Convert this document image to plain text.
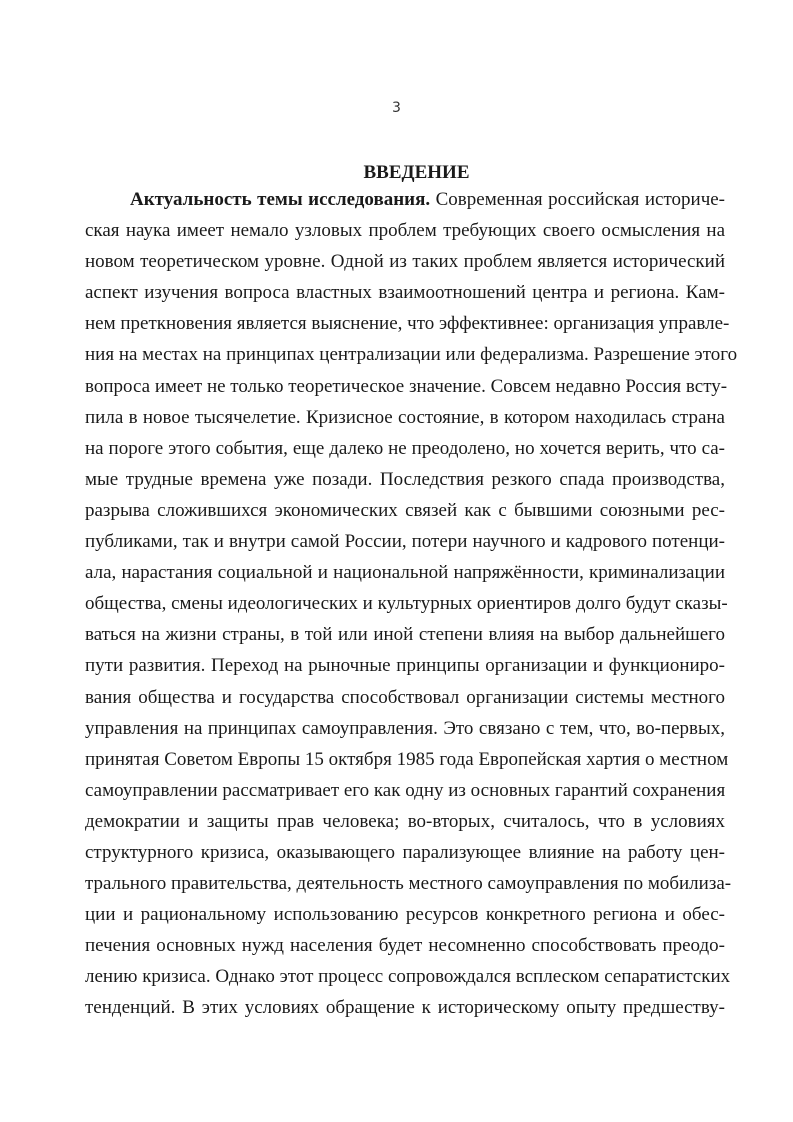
3
ВВЕДЕНИЕ
Актуальность темы исследования. Современная российская историче-
ская наука имеет немало узловых проблем требующих своего осмысления на
новом теоретическом уровне. Одной из таких проблем является исторический
аспект изучения вопроса властных взаимоотношений центра и региона. Кам-
нем преткновения является выяснение, что эффективнее: организация управле-
ния на местах на принципах централизации или федерализма. Разрешение этого
вопроса имеет не только теоретическое значение. Совсем недавно Россия всту-
пила в новое тысячелетие. Кризисное состояние, в котором находилась страна
на пороге этого события, еще далеко не преодолено, но хочется верить, что са-
мые трудные времена уже позади. Последствия резкого спада производства,
разрыва сложившихся экономических связей как с бывшими союзными рес-
публиками, так и внутри самой России, потери научного и кадрового потенци-
ала, нарастания социальной и национальной напряжённости, криминализации
общества, смены идеологических и культурных ориентиров долго будут сказы-
ваться на жизни страны, в той или иной степени влияя на выбор дальнейшего
пути развития. Переход на рыночные принципы организации и функциониро-
вания общества и государства способствовал организации системы местного
управления на принципах самоуправления. Это связано с тем, что, во-первых,
принятая Советом Европы 15 октября 1985 года Европейская хартия о местном
самоуправлении рассматривает его как одну из основных гарантий сохранения
демократии и защиты прав человека; во-вторых, считалось, что в условиях
структурного кризиса, оказывающего парализующее влияние на работу цен-
трального правительства, деятельность местного самоуправления по мобилиза-
ции и рациональному использованию ресурсов конкретного региона и обес-
печения основных нужд населения будет несомненно способствовать преодо-
лению кризиса. Однако этот процесс сопровождался всплеском сепаратистских
тенденций. В этих условиях обращение к историческому опыту предшеству-
